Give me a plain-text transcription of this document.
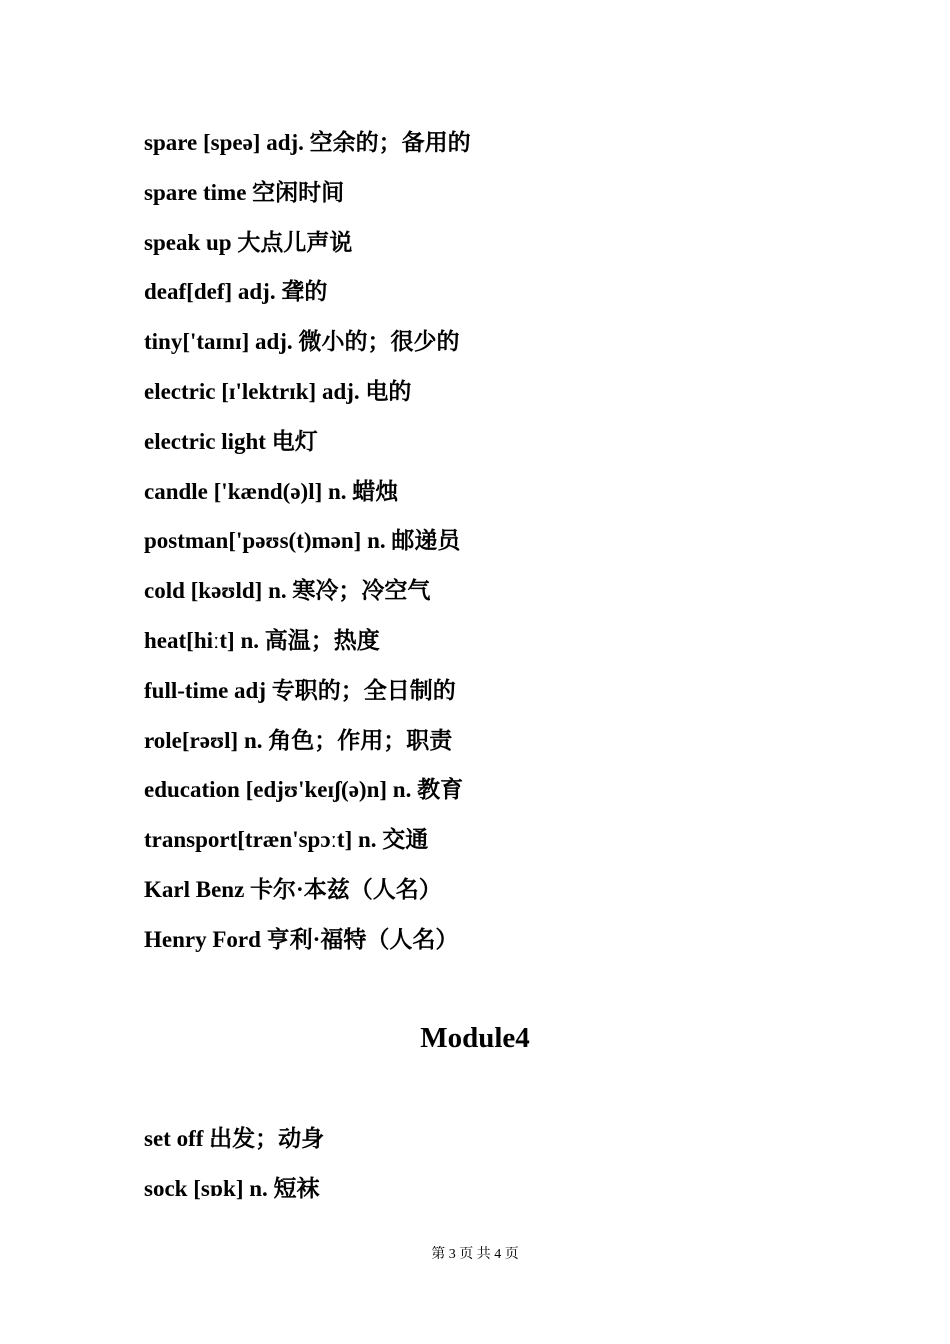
spare [speə] adj. 空余的；备用的
spare time 空闲时间
speak up 大点儿声说
deaf[def] adj. 聋的
tiny['taɪnɪ] adj. 微小的；很少的
electric [ɪ'lektrɪk] adj. 电的
electric light 电灯
candle ['kænd(ə)l] n. 蜡烛
postman['pəʊs(t)mən] n. 邮递员
cold [kəʊld] n. 寒冷；冷空气
heat[hiːt] n. 高温；热度
full-time adj 专职的；全日制的
role[rəʊl] n. 角色；作用；职责
education [edjʊ'keɪʃ(ə)n] n. 教育
transport[træn'spɔːt] n. 交通
Karl Benz 卡尔·本兹（人名）
Henry Ford 亨利·福特（人名）
Module4
set off 出发；动身
sock [sɒk] n. 短袜
第 3 页 共 4 页
